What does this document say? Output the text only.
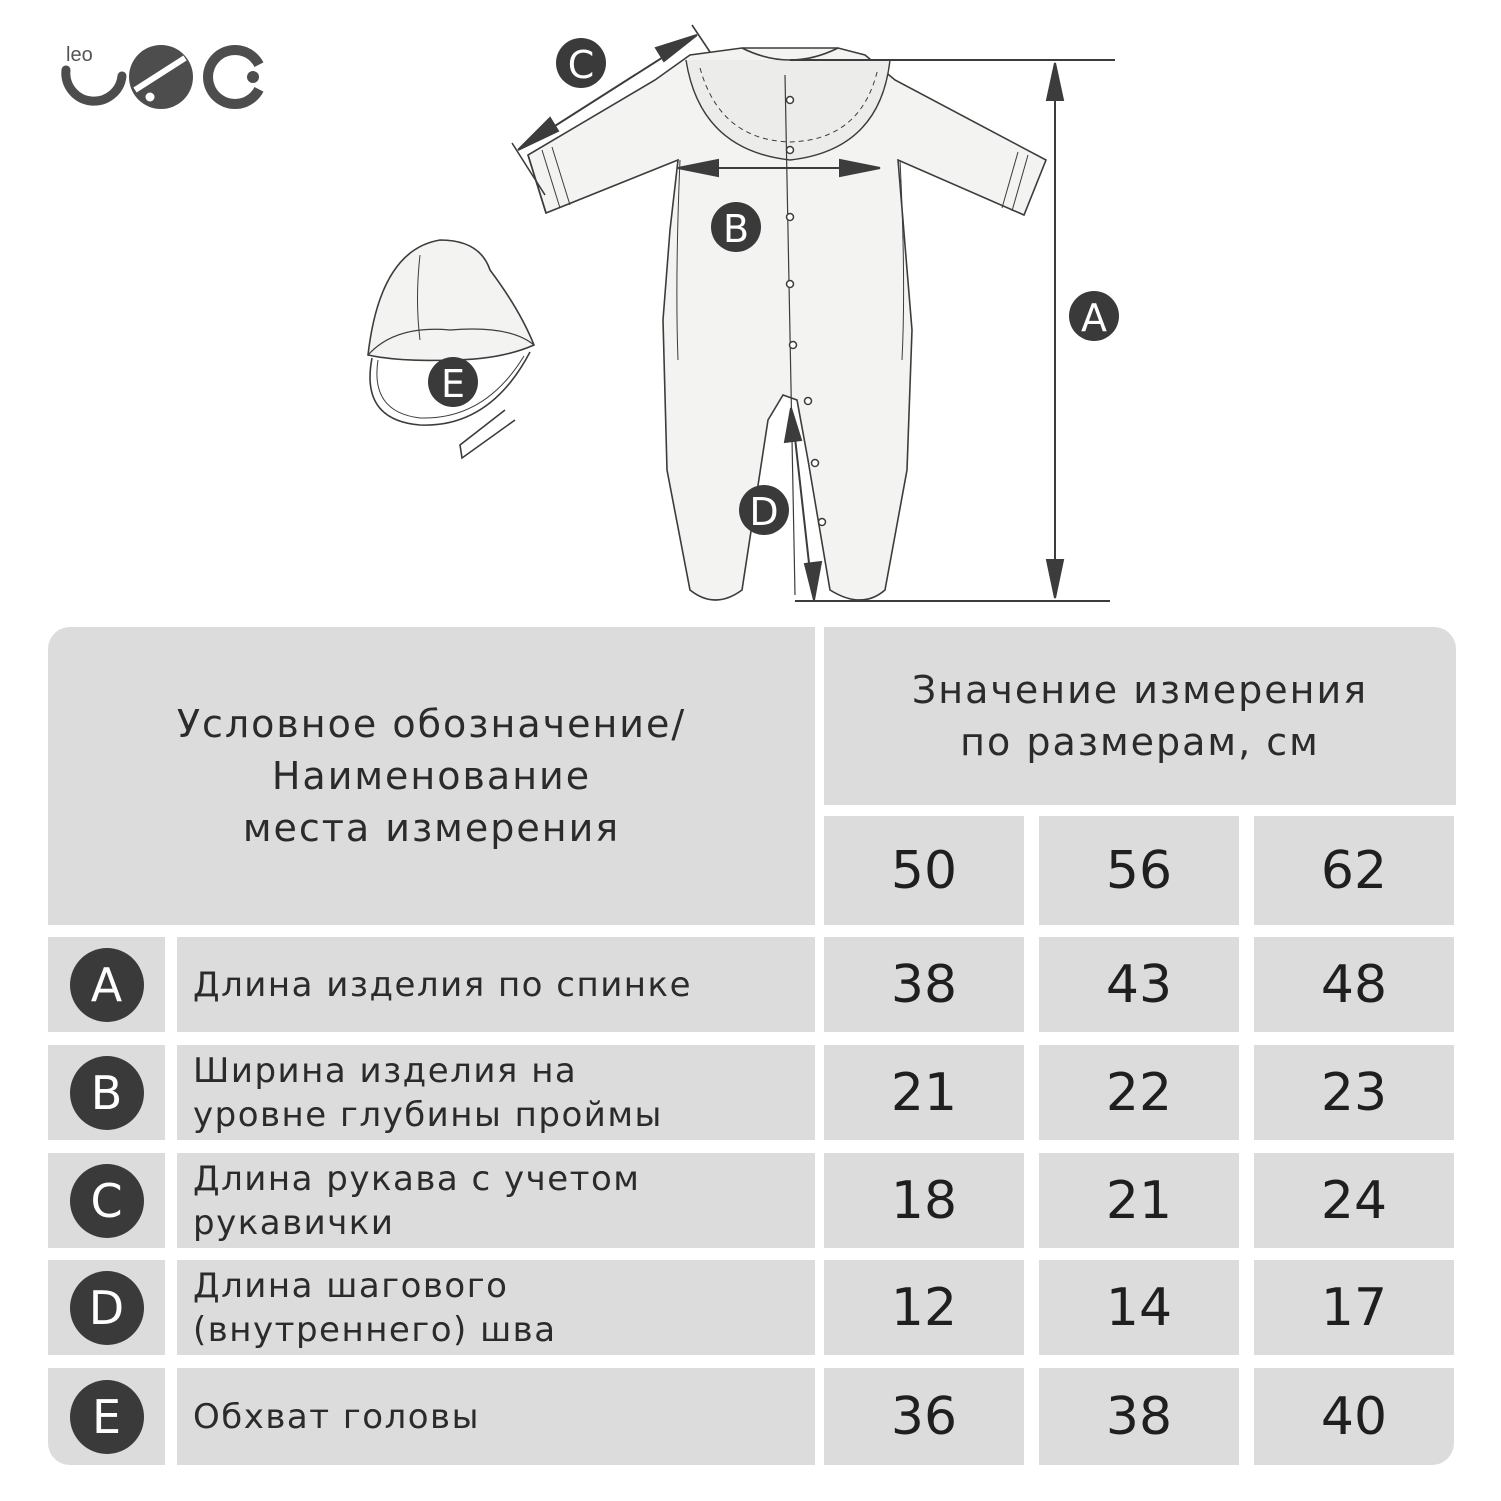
leo
A
B
C
D
E
Условное обозначение/
Наименование
места измерения
Значение измерения
по размерам, см
50	56	62
A	Длина изделия по спинке	38	43	48
B	Ширина изделия на
уровне глубины проймы	21	22	23
C	Длина рукава с учетом
рукавички	18	21	24
D	Длина шагового
(внутреннего) шва	12	14	17
E	Обхват головы	36	38	40
